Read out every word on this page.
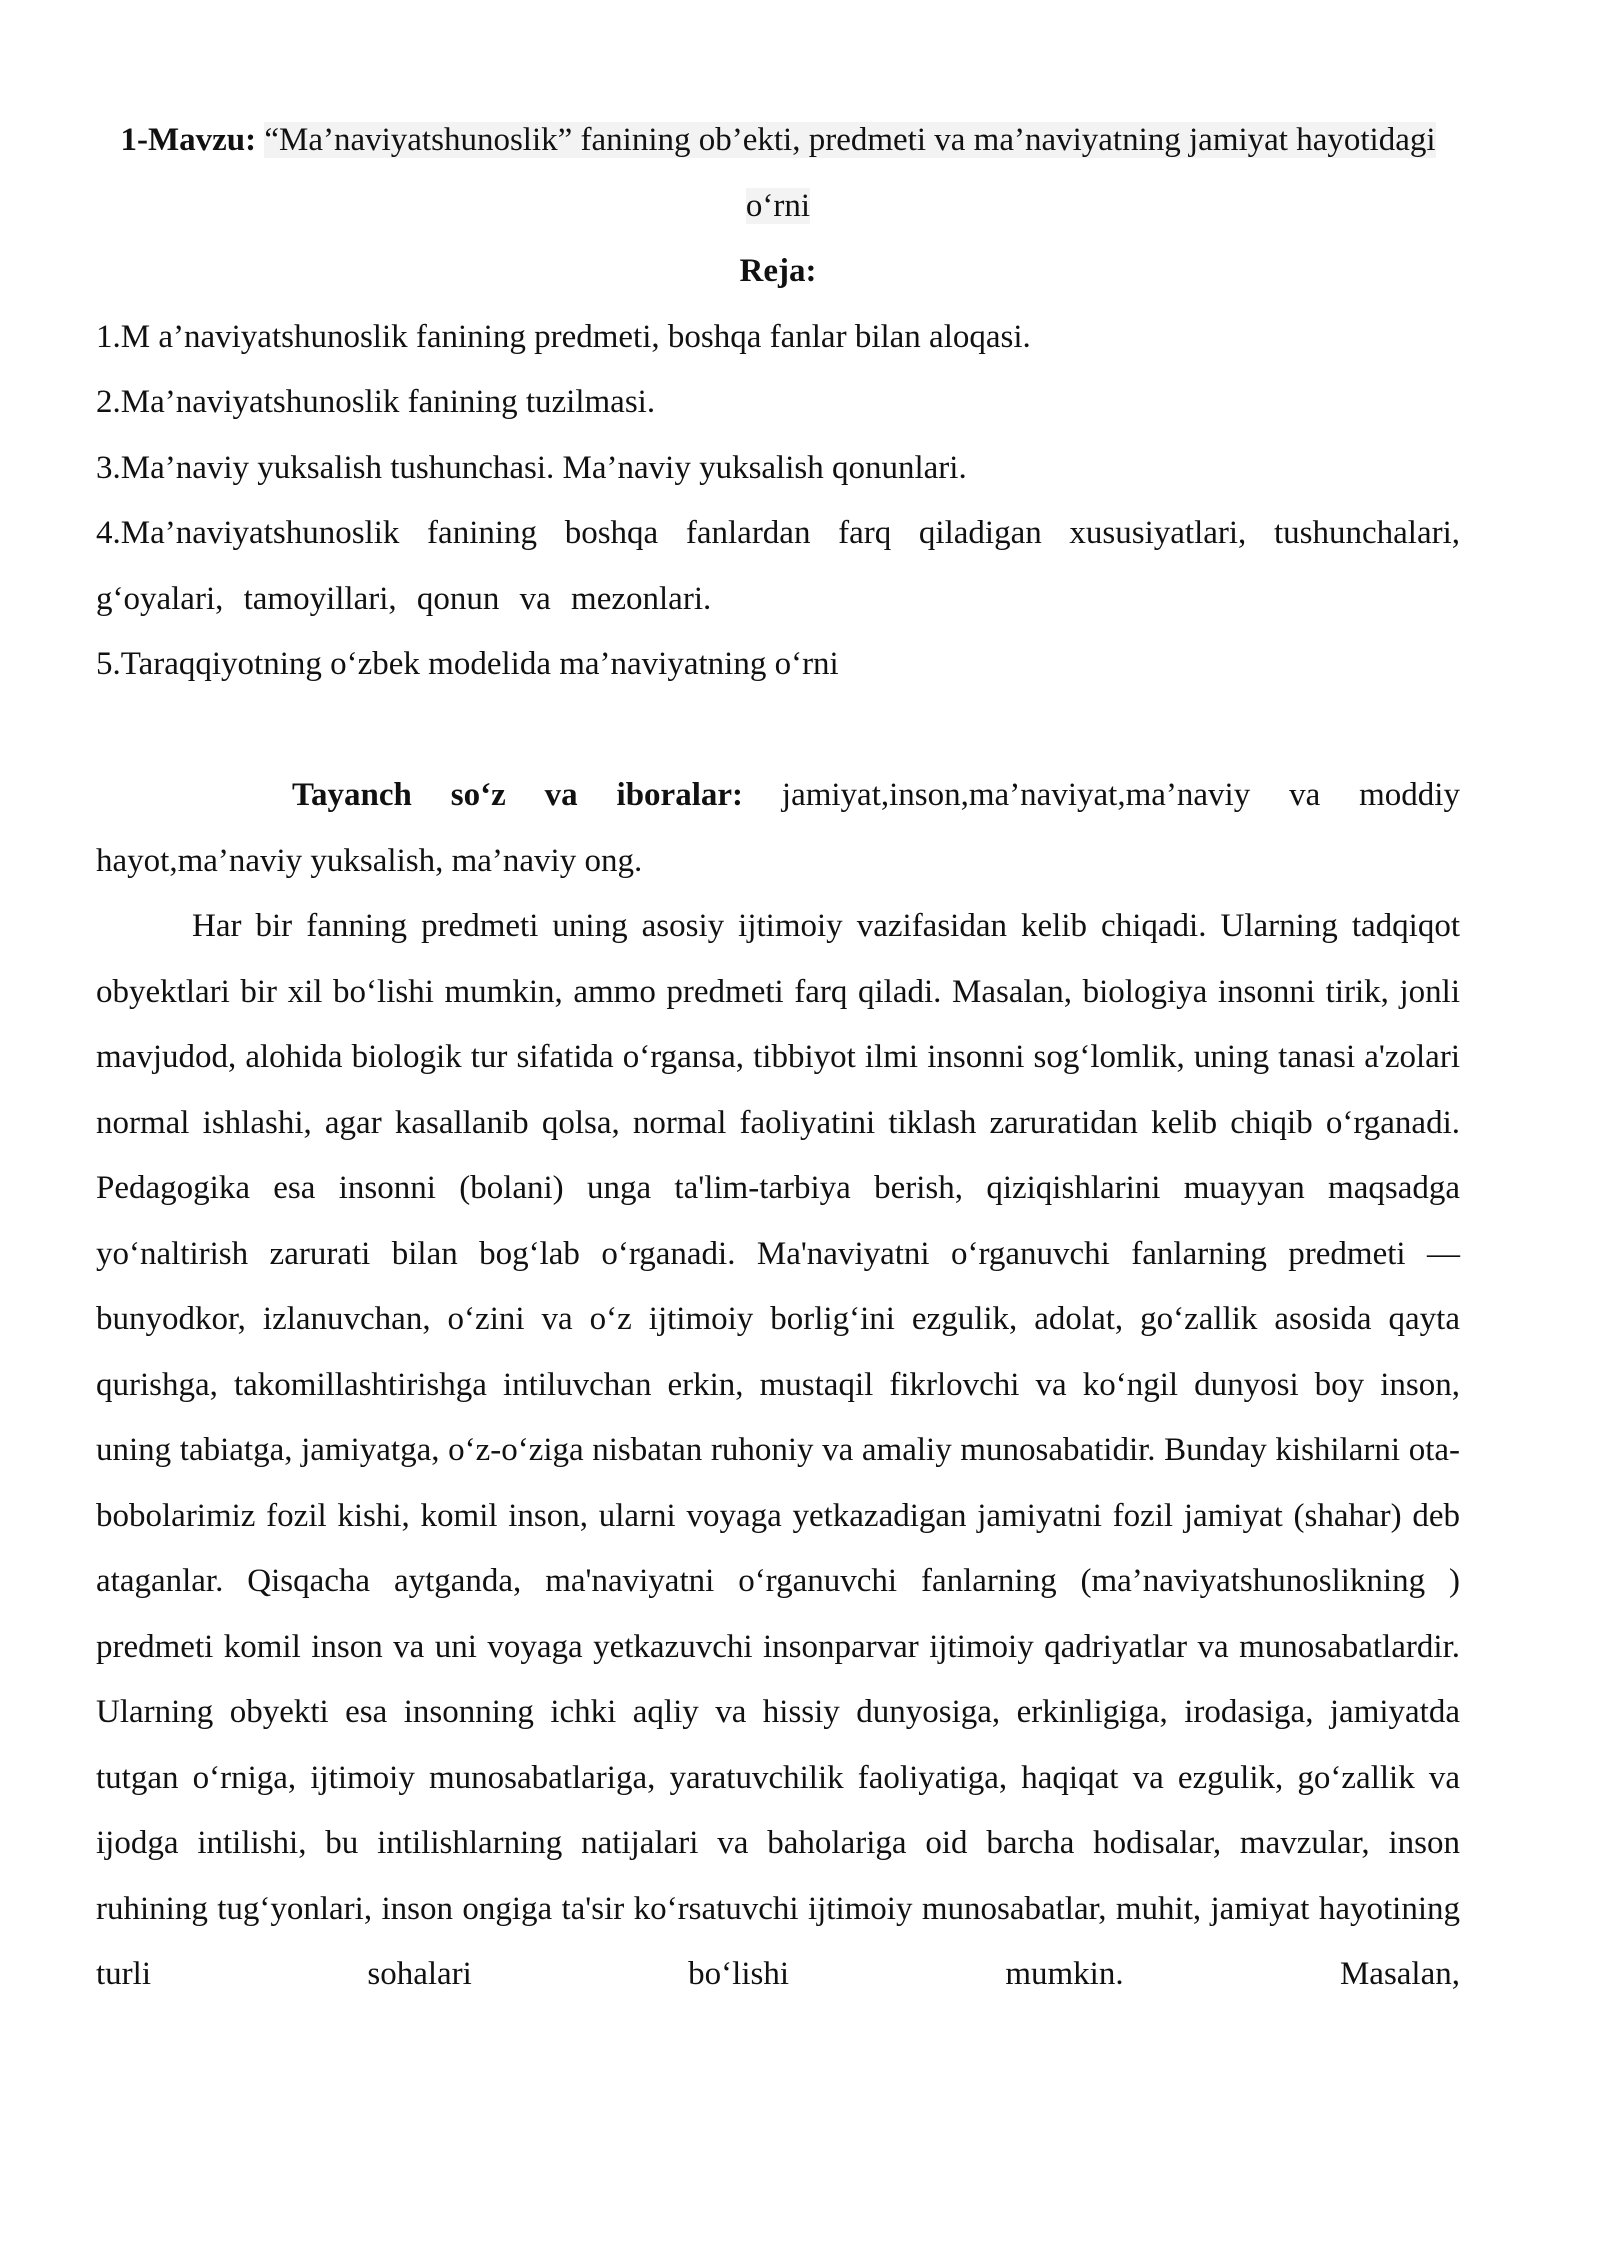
1-Mavzu: “Ma’naviyatshunoslik” fanining ob’ekti, predmeti va ma’naviyatning jamiyat hayotidagi o‘rni

Reja:

1.M a’naviyatshunoslik fanining predmeti, boshqa fanlar bilan aloqasi.
2.Ma’naviyatshunoslik fanining tuzilmasi.
3.Ma’naviy yuksalish tushunchasi. Ma’naviy yuksalish qonunlari.
4.Ma’naviyatshunoslik fanining boshqa fanlardan farq qiladigan xususiyatlari, tushunchalari, g‘oyalari, tamoyillari, qonun va mezonlari.
5.Taraqqiyotning o‘zbek modelida ma’naviyatning o‘rni

Tayanch so‘z va iboralar: jamiyat,inson,ma’naviyat,ma’naviy va moddiy hayot,ma’naviy yuksalish, ma’naviy ong.

Har bir fanning predmeti uning asosiy ijtimoiy vazifasidan kelib chiqadi. Ularning tadqiqot obyektlari bir xil bo‘lishi mumkin, ammo predmeti farq qiladi. Masalan, biologiya insonni tirik, jonli mavjudod, alohida biologik tur sifatida o‘rgansa, tibbiyot ilmi insonni sog‘lomlik, uning tanasi a'zolari normal ishlashi, agar kasallanib qolsa, normal faoliyatini tiklash zaruratidan kelib chiqib o‘rganadi. Pedagogika esa insonni (bolani) unga ta'lim-tarbiya berish, qiziqishlarini muayyan maqsadga yo‘naltirish zarurati bilan bog‘lab o‘rganadi. Ma'naviyatni o‘rganuvchi fanlarning predmeti — bunyodkor, izlanuvchan, o‘zini va o‘z ijtimoiy borlig‘ini ezgulik, adolat, go‘zallik asosida qayta qurishga, takomillashtirishga intiluvchan erkin, mustaqil fikrlovchi va ko‘ngil dunyosi boy inson, uning tabiatga, jamiyatga, o‘z-o‘ziga nisbatan ruhoniy va amaliy munosabatidir. Bunday kishilarni ota-bobolarimiz fozil kishi, komil inson, ularni voyaga yetkazadigan jamiyatni fozil jamiyat (shahar) deb ataganlar. Qisqacha aytganda, ma'naviyatni o‘rganuvchi fanlarning (ma’naviyatshunoslikning ) predmeti komil inson va uni voyaga yetkazuvchi insonparvar ijtimoiy qadriyatlar va munosabatlardir. Ularning obyekti esa insonning ichki aqliy va hissiy dunyosiga, erkinligiga, irodasiga, jamiyatda tutgan o‘rniga, ijtimoiy munosabatlariga, yaratuvchilik faoliyatiga, haqiqat va ezgulik, go‘zallik va ijodga intilishi, bu intilishlarning natijalari va baholariga oid barcha hodisalar, mavzular, inson ruhining tug‘yonlari, inson ongiga ta'sir ko‘rsatuvchi ijtimoiy munosabatlar, muhit, jamiyat hayotining turli sohalari bo‘lishi mumkin. Masalan,
